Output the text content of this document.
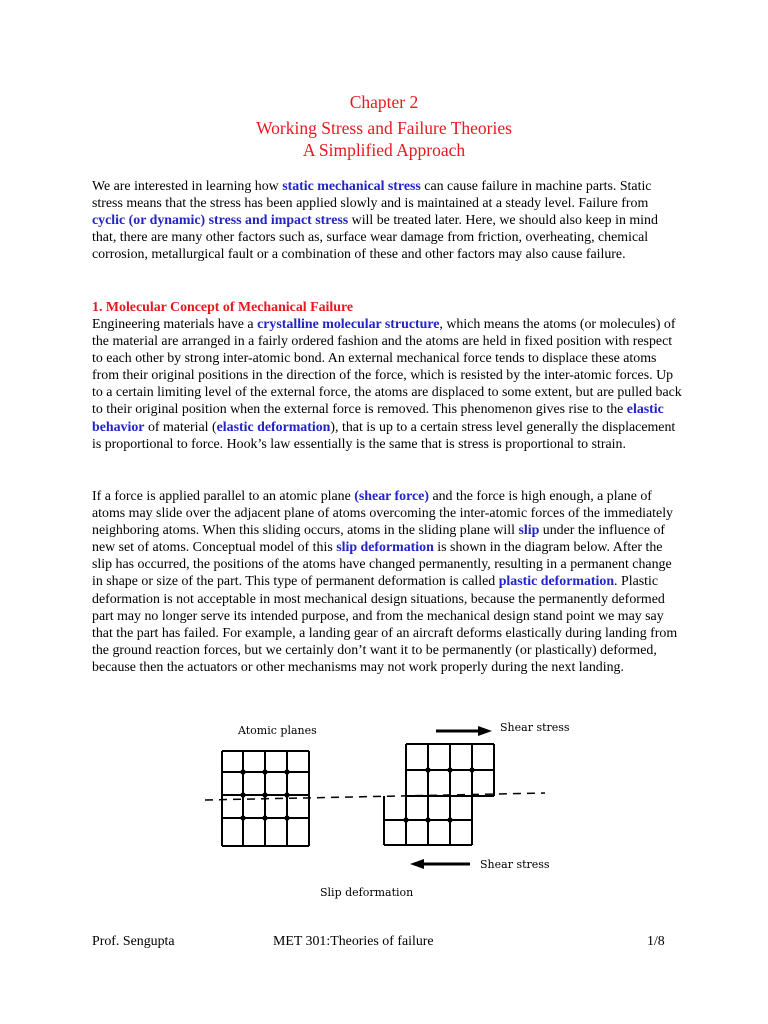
Chapter 2
Working Stress and Failure Theories
A Simplified Approach
We are interested in learning how static mechanical stress can cause failure in machine parts. Static stress means that the stress has been applied slowly and is maintained at a steady level. Failure from cyclic (or dynamic) stress and impact stress will be treated later. Here, we should also keep in mind that, there are many other factors such as, surface wear damage from friction, overheating, chemical corrosion, metallurgical fault or a combination of these and other factors may also cause failure.
1. Molecular Concept of Mechanical Failure
Engineering materials have a crystalline molecular structure, which means the atoms (or molecules) of the material are arranged in a fairly ordered fashion and the atoms are held in fixed position with respect to each other by strong inter-atomic bond. An external mechanical force tends to displace these atoms from their original positions in the direction of the force, which is resisted by the inter-atomic forces. Up to a certain limiting level of the external force, the atoms are displaced to some extent, but are pulled back to their original position when the external force is removed. This phenomenon gives rise to the elastic behavior of material (elastic deformation), that is up to a certain stress level generally the displacement is proportional to force. Hook’s law essentially is the same that is stress is proportional to strain.
If a force is applied parallel to an atomic plane (shear force) and the force is high enough, a plane of atoms may slide over the adjacent plane of atoms overcoming the inter-atomic forces of the immediately neighboring atoms. When this sliding occurs, atoms in the sliding plane will slip under the influence of new set of atoms. Conceptual model of this slip deformation is shown in the diagram below. After the slip has occurred, the positions of the atoms have changed permanently, resulting in a permanent change in shape or size of the part. This type of permanent deformation is called plastic deformation. Plastic deformation is not acceptable in most mechanical design situations, because the permanently deformed part may no longer serve its intended purpose, and from the mechanical design stand point we may say that the part has failed. For example, a landing gear of an aircraft deforms elastically during landing from the ground reaction forces, but we certainly don’t want it to be permanently (or plastically) deformed, because then the actuators or other mechanisms may not work properly during the next landing.
Atomic planes	Shear stress
Shear stress
Slip deformation
Prof. Sengupta	MET 301:Theories of failure	1/8
